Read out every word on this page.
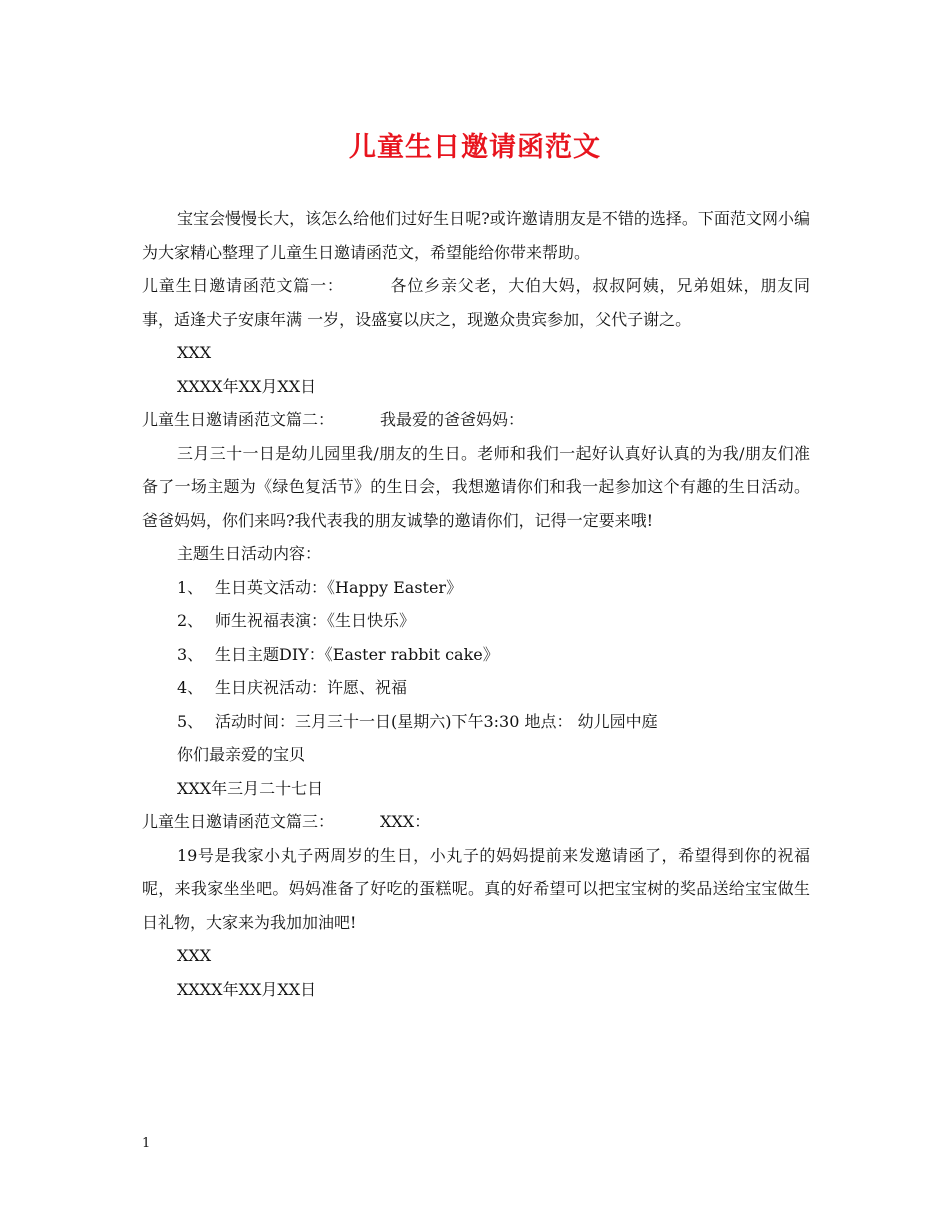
儿童生日邀请函范文

宝宝会慢慢长大，该怎么给他们过好生日呢?或许邀请朋友是不错的选择。下面范文网小编为大家精心整理了儿童生日邀请函范文，希望能给你带来帮助。

儿童生日邀请函范文篇一：	各位乡亲父老，大伯大妈，叔叔阿姨，兄弟姐妹，朋友同事，适逢犬子安康年满 一岁，设盛宴以庆之，现邀众贵宾参加，父代子谢之。

XXX

XXXX年XX月XX日

儿童生日邀请函范文篇二：	我最爱的爸爸妈妈：

三月三十一日是幼儿园里我/朋友的生日。老师和我们一起好认真好认真的为我/朋友们准备了一场主题为《绿色复活节》的生日会，我想邀请你们和我一起参加这个有趣的生日活动。爸爸妈妈，你们来吗?我代表我的朋友诚挚的邀请你们，记得一定要来哦!

主题生日活动内容：

1、 生日英文活动：《Happy Easter》

2、 师生祝福表演：《生日快乐》

3、 生日主题DIY：《Easter rabbit cake》

4、 生日庆祝活动：许愿、祝福

5、 活动时间：三月三十一日(星期六)下午3:30 地点： 幼儿园中庭

你们最亲爱的宝贝

XXX年三月二十七日

儿童生日邀请函范文篇三：	XXX：

19号是我家小丸子两周岁的生日，小丸子的妈妈提前来发邀请函了，希望得到你的祝福呢，来我家坐坐吧。妈妈准备了好吃的蛋糕呢。真的好希望可以把宝宝树的奖品送给宝宝做生日礼物，大家来为我加加油吧!

XXX

XXXX年XX月XX日

1
